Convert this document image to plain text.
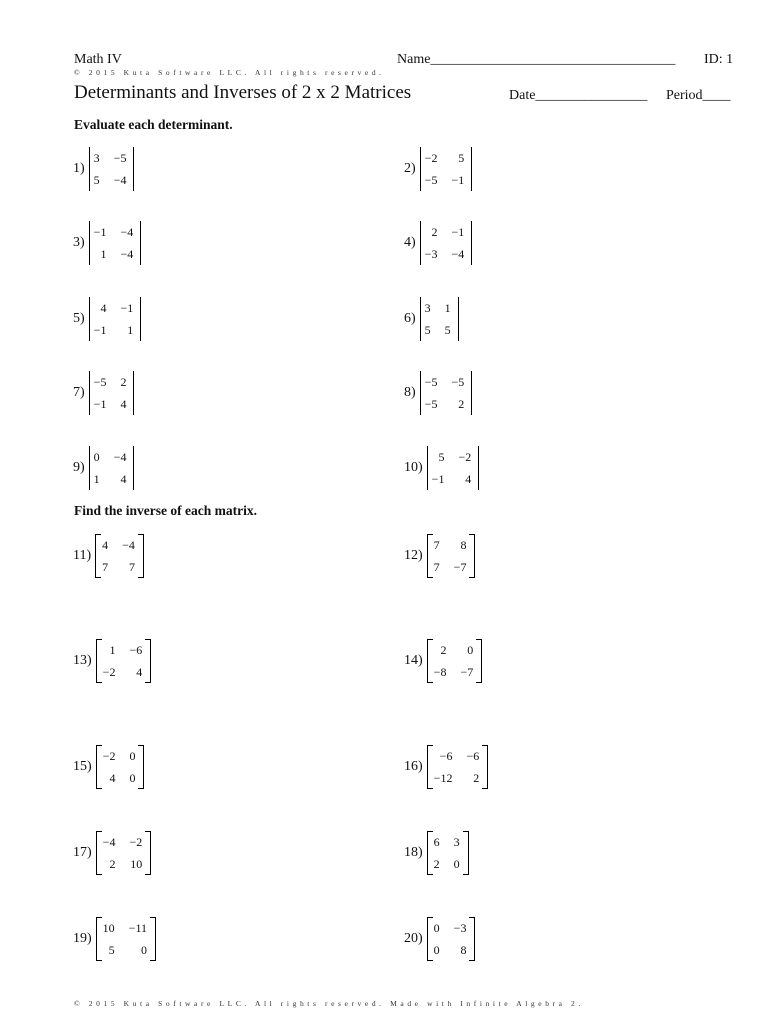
Math IV	Name___________________________________ ID: 1
© 2015 Kuta Software LLC. All rights reserved.
Determinants and Inverses of 2 x 2 Matrices	Date________________ Period____
Evaluate each determinant.
1)
3 −5
5 −4
2)
−2	5
−5 −1
3)
−1 −4
1 −4
4)
2 −1
−3 −4
5)
4 −1
−1	1
6)
3 1
5 5
7)
−5 2
−1 4
8)
−5 −5
−5	2
9)
0 −4
1	4
10)
5 −2
−1	4
Find the inverse of each matrix.
11)
4 −4
7	7
12)
7	8
7 −7
13)
1 −6
−2	4
14)
2	0
−8 −7
15)
−2 0
4 0
16)
−6 −6
−12	2
17)
−4 −2
2 10
18)
6 3
2 0
19)
10 −11
5	0
20)
0 −3
0	8
© 2015 Kuta Software LLC. All rights reserved. Made with Infinite Algebra 2.
